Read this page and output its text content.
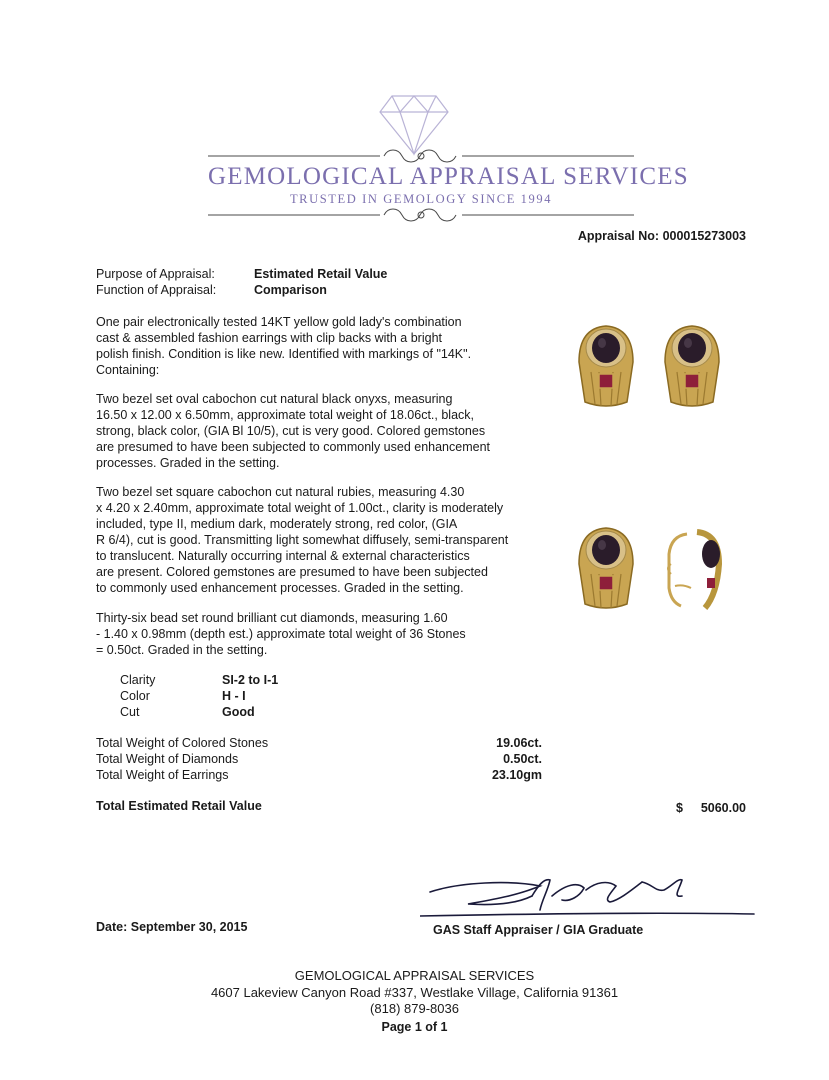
GEMOLOGICAL APPRAISAL SERVICES
TRUSTED IN GEMOLOGY SINCE 1994
Appraisal No: 000015273003
Purpose of Appraisal:	Estimated Retail Value
Function of Appraisal:	Comparison
One pair electronically tested 14KT yellow gold lady's combination
cast & assembled fashion earrings with clip backs with a bright
polish finish. Condition is like new. Identified with markings of "14K".
Containing:
Two bezel set oval cabochon cut natural black onyxs, measuring
16.50 x 12.00 x 6.50mm, approximate total weight of 18.06ct., black,
strong, black color, (GIA Bl 10/5), cut is very good. Colored gemstones
are presumed to have been subjected to commonly used enhancement
processes. Graded in the setting.
Two bezel set square cabochon cut natural rubies, measuring 4.30
x 4.20 x 2.40mm, approximate total weight of 1.00ct., clarity is moderately
included, type II, medium dark, moderately strong, red color, (GIA
R 6/4), cut is good. Transmitting light somewhat diffusely, semi-transparent
to translucent. Naturally occurring internal & external characteristics
are present. Colored gemstones are presumed to have been subjected
to commonly used enhancement processes. Graded in the setting.
Thirty-six bead set round brilliant cut diamonds, measuring 1.60
- 1.40 x 0.98mm (depth est.) approximate total weight of 36 Stones
= 0.50ct. Graded in the setting.
Clarity	SI-2 to I-1
Color	H - I
Cut	Good
Total Weight of Colored Stones	19.06ct.
Total Weight of Diamonds	0.50ct.
Total Weight of Earrings	23.10gm
Total Estimated Retail Value	$	5060.00
Date: September 30, 2015	GAS Staff Appraiser / GIA Graduate
GEMOLOGICAL APPRAISAL SERVICES
4607 Lakeview Canyon Road #337, Westlake Village, California 91361
(818) 879-8036
Page 1 of 1
